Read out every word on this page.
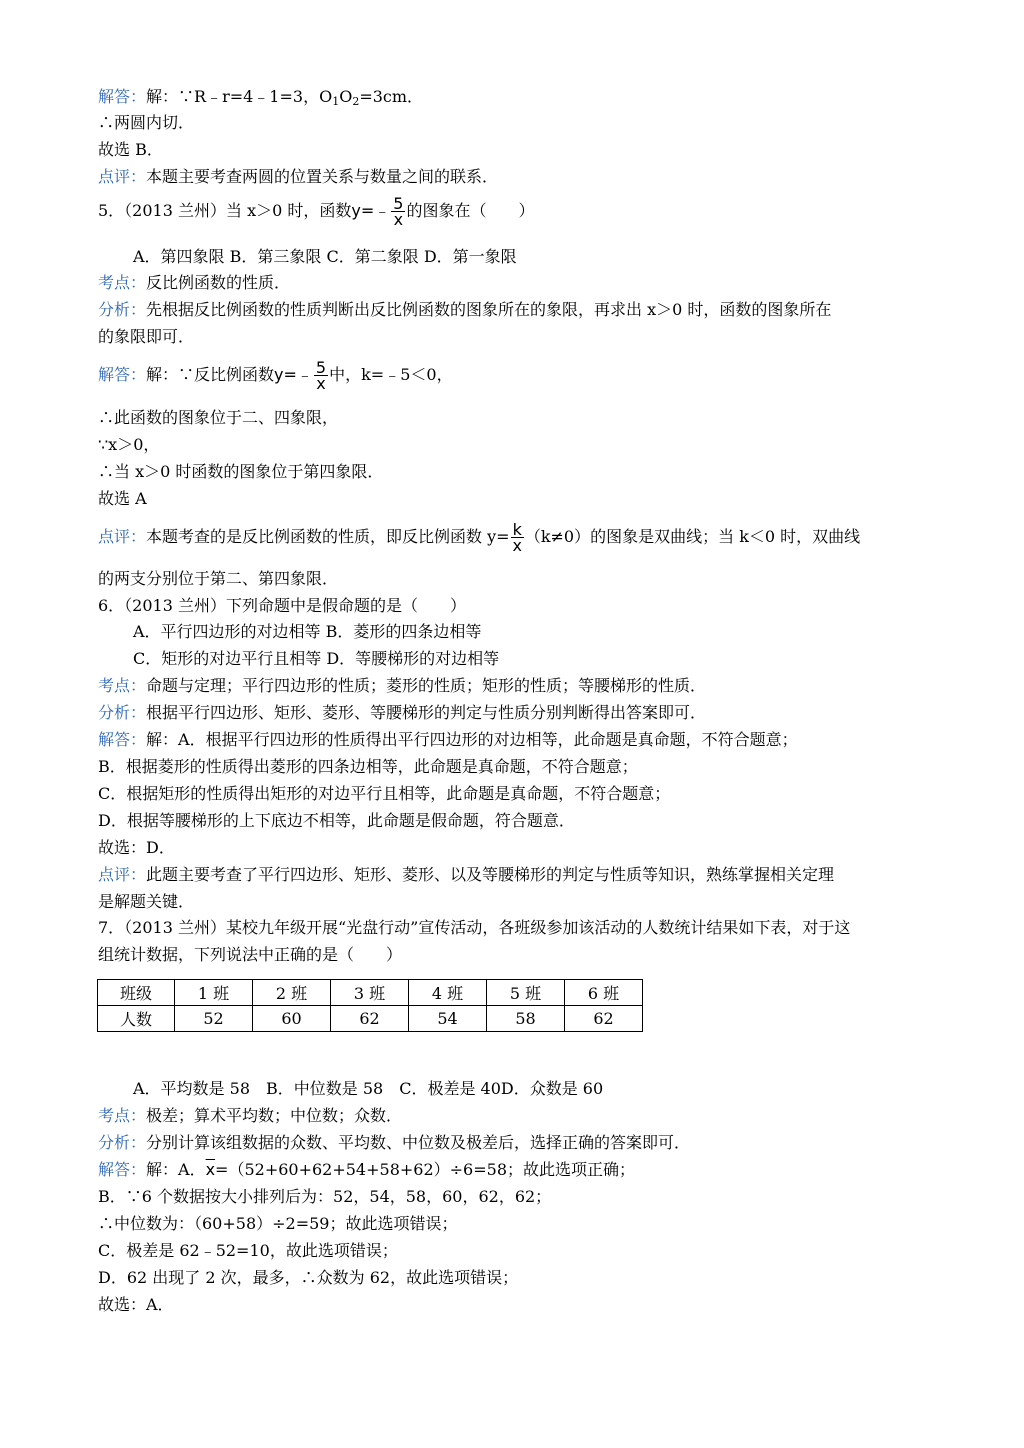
解答：解：∵R﹣r=4﹣1=3，$O_1O_2=3cm$．
∴两圆内切．
故选 B．
点评：本题主要考查两圆的位置关系与数量之间的联系．
5．（2013 兰州）当 x＞0 时，函数y=﹣ $\frac{5}{x}$ 的图象在（　　）
A．第四象限 B．第三象限 C．第二象限 D．第一象限
考点：反比例函数的性质．
分析：先根据反比例函数的性质判断出反比例函数的图象所在的象限，再求出 x＞0 时，函数的图象所在
的象限即可．
解答：解：∵反比例函数y=﹣ $\frac{5}{x}$ 中，k=﹣5＜0，
∴此函数的图象位于二、四象限，
∵x＞0，
∴当 x＞0 时函数的图象位于第四象限．
故选 A
点评：本题考查的是反比例函数的性质，即反比例函数 $y= \frac{k}{x} (k\ne 0)$的图象是双曲线；当 k＜0 时，双曲线
的两支分别位于第二、第四象限．
6．（2013 兰州）下列命题中是假命题的是（　　）
A．平行四边形的对边相等 B．菱形的四条边相等
C．矩形的对边平行且相等 D．等腰梯形的对边相等
考点：命题与定理；平行四边形的性质；菱形的性质；矩形的性质；等腰梯形的性质．
分析：根据平行四边形、矩形、菱形、等腰梯形的判定与性质分别判断得出答案即可．
解答：解：A．根据平行四边形的性质得出平行四边形的对边相等，此命题是真命题，不符合题意；
B．根据菱形的性质得出菱形的四条边相等，此命题是真命题，不符合题意；
C．根据矩形的性质得出矩形的对边平行且相等，此命题是真命题，不符合题意；
D．根据等腰梯形的上下底边不相等，此命题是假命题，符合题意．
故选：D．
点评：此题主要考查了平行四边形、矩形、菱形、以及等腰梯形的判定与性质等知识，熟练掌握相关定理
是解题关键．
7．（2013 兰州）某校九年级开展“光盘行动”宣传活动，各班级参加该活动的人数统计结果如下表，对于这
组统计数据，下列说法中正确的是（　　）
班级	1 班	2 班	3 班	4 班	5 班	6 班
人数	52	60	62	54	58	62
A．平均数是 58　B．中位数是 58　C．极差是 40D．众数是 60
考点：极差；算术平均数；中位数；众数．
分析：分别计算该组数据的众数、平均数、中位数及极差后，选择正确的答案即可．
解答：解：A．$\overline{x}=(52+60+62+54+58+62)\div 6=58$；故此选项正确；
B．∵6 个数据按大小排列后为：52，54，58，60，62，62；
∴中位数为：（60+58）÷2=59；故此选项错误；
C．极差是 62﹣52=10，故此选项错误；
D．62 出现了 2 次，最多，∴众数为 62，故此选项错误；
故选：A．
